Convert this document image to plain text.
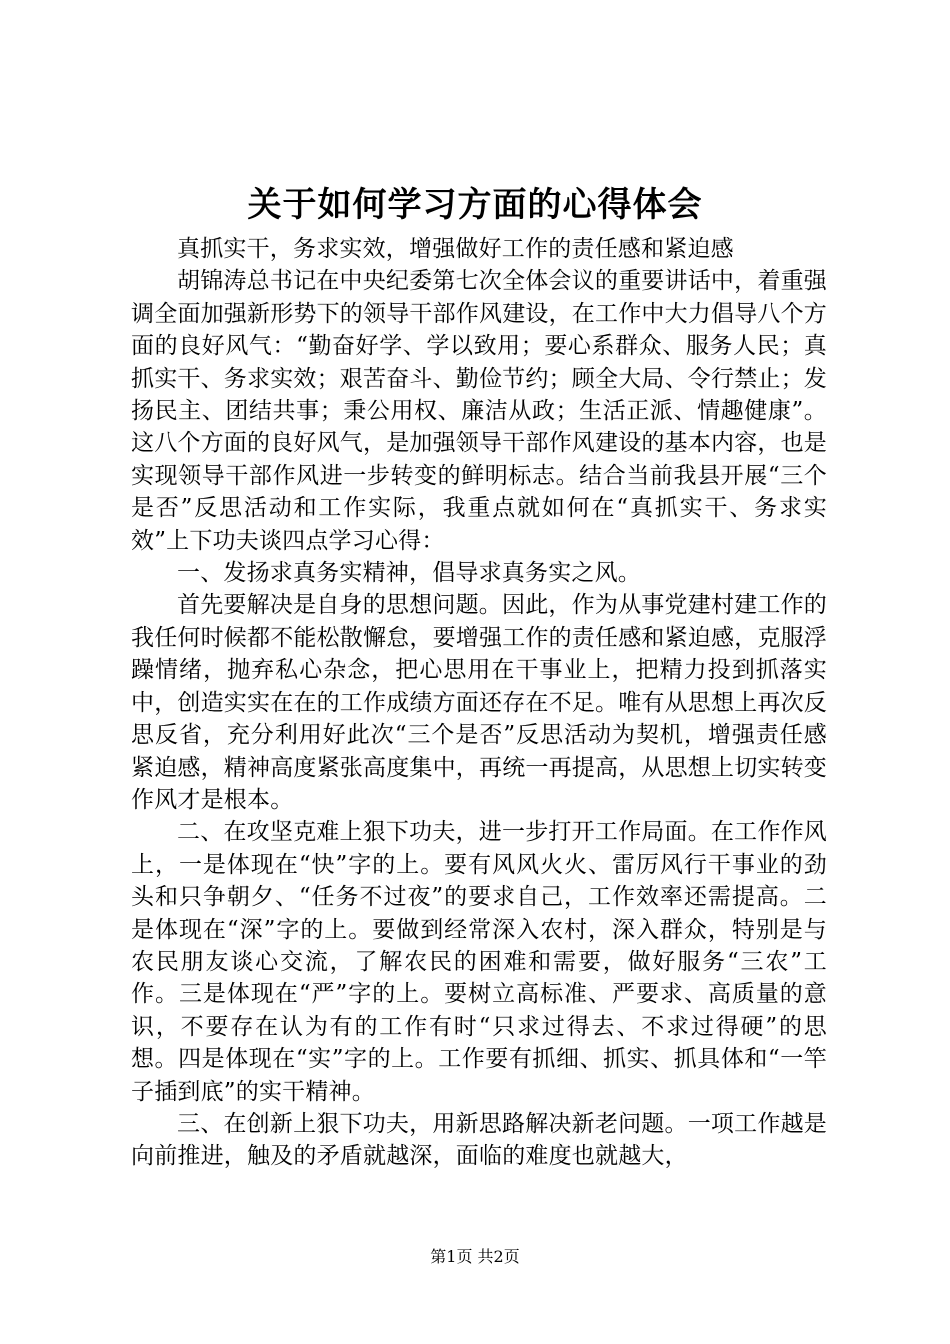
关于如何学习方面的心得体会

真抓实干，务求实效，增强做好工作的责任感和紧迫感

胡锦涛总书记在中央纪委第七次全体会议的重要讲话中，着重强调全面加强新形势下的领导干部作风建设，在工作中大力倡导八个方面的良好风气：“勤奋好学、学以致用；要心系群众、服务人民；真抓实干、务求实效；艰苦奋斗、勤俭节约；顾全大局、令行禁止；发扬民主、团结共事；秉公用权、廉洁从政；生活正派、情趣健康”。这八个方面的良好风气，是加强领导干部作风建设的基本内容，也是实现领导干部作风进一步转变的鲜明标志。结合当前我县开展“三个是否”反思活动和工作实际，我重点就如何在“真抓实干、务求实效”上下功夫谈四点学习心得：

一、发扬求真务实精神，倡导求真务实之风。

首先要解决是自身的思想问题。因此，作为从事党建村建工作的我任何时候都不能松散懈怠，要增强工作的责任感和紧迫感，克服浮躁情绪，抛弃私心杂念，把心思用在干事业上，把精力投到抓落实中，创造实实在在的工作成绩方面还存在不足。唯有从思想上再次反思反省，充分利用好此次“三个是否”反思活动为契机，增强责任感紧迫感，精神高度紧张高度集中，再统一再提高，从思想上切实转变作风才是根本。

二、在攻坚克难上狠下功夫，进一步打开工作局面。在工作作风上，一是体现在“快”字的上。要有风风火火、雷厉风行干事业的劲头和只争朝夕、“任务不过夜”的要求自己，工作效率还需提高。二是体现在“深”字的上。要做到经常深入农村，深入群众，特别是与农民朋友谈心交流，了解农民的困难和需要，做好服务“三农”工作。三是体现在“严”字的上。要树立高标准、严要求、高质量的意识，不要存在认为有的工作有时“只求过得去、不求过得硬”的思想。四是体现在“实”字的上。工作要有抓细、抓实、抓具体和“一竿子插到底”的实干精神。

三、在创新上狠下功夫，用新思路解决新老问题。一项工作越是向前推进，触及的矛盾就越深，面临的难度也就越大，

第1页 共2页
